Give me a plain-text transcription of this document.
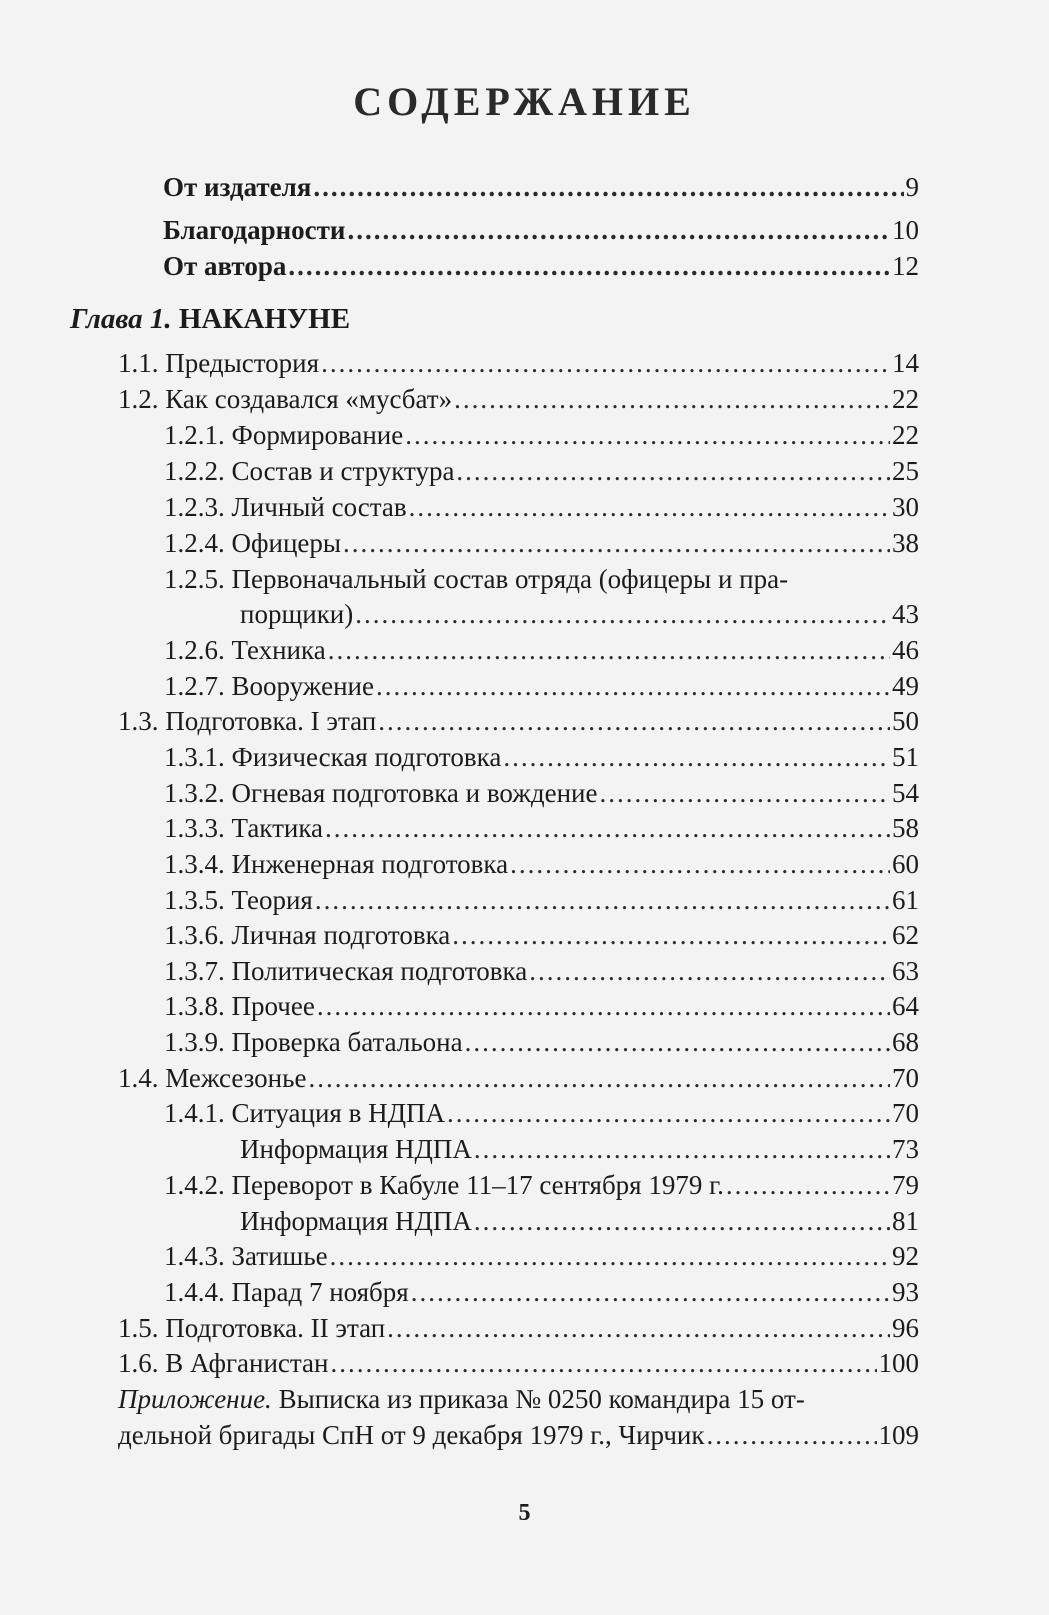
СОДЕРЖАНИЕ
От издателя .....	9
Благодарности .....	10
От автора .....	12
Глава 1. НАКАНУНЕ
1.1. Предыстория .....	14
1.2. Как создавался «мусбат» .....	22
1.2.1. Формирование .....	22
1.2.2. Состав и структура .....	25
1.2.3. Личный состав .....	30
1.2.4. Офицеры .....	38
1.2.5. Первоначальный состав отряда (офицеры и пра-
порщики) .....	43
1.2.6. Техника .....	46
1.2.7. Вооружение .....	49
1.3. Подготовка. I этап .....	50
1.3.1. Физическая подготовка .....	51
1.3.2. Огневая подготовка и вождение .....	54
1.3.3. Тактика .....	58
1.3.4. Инженерная подготовка .....	60
1.3.5. Теория .....	61
1.3.6. Личная подготовка .....	62
1.3.7. Политическая подготовка .....	63
1.3.8. Прочее .....	64
1.3.9. Проверка батальона .....	68
1.4. Межсезонье .....	70
1.4.1. Ситуация в НДПА .....	70
Информация НДПА .....	73
1.4.2. Переворот в Кабуле 11–17 сентября 1979 г. .....	79
Информация НДПА .....	81
1.4.3. Затишье .....	92
1.4.4. Парад 7 ноября .....	93
1.5. Подготовка. II этап .....	96
1.6. В Афганистан .....	100
Приложение. Выписка из приказа № 0250 командира 15 от-
дельной бригады СпН от 9 декабря 1979 г., Чирчик .....	109
5
